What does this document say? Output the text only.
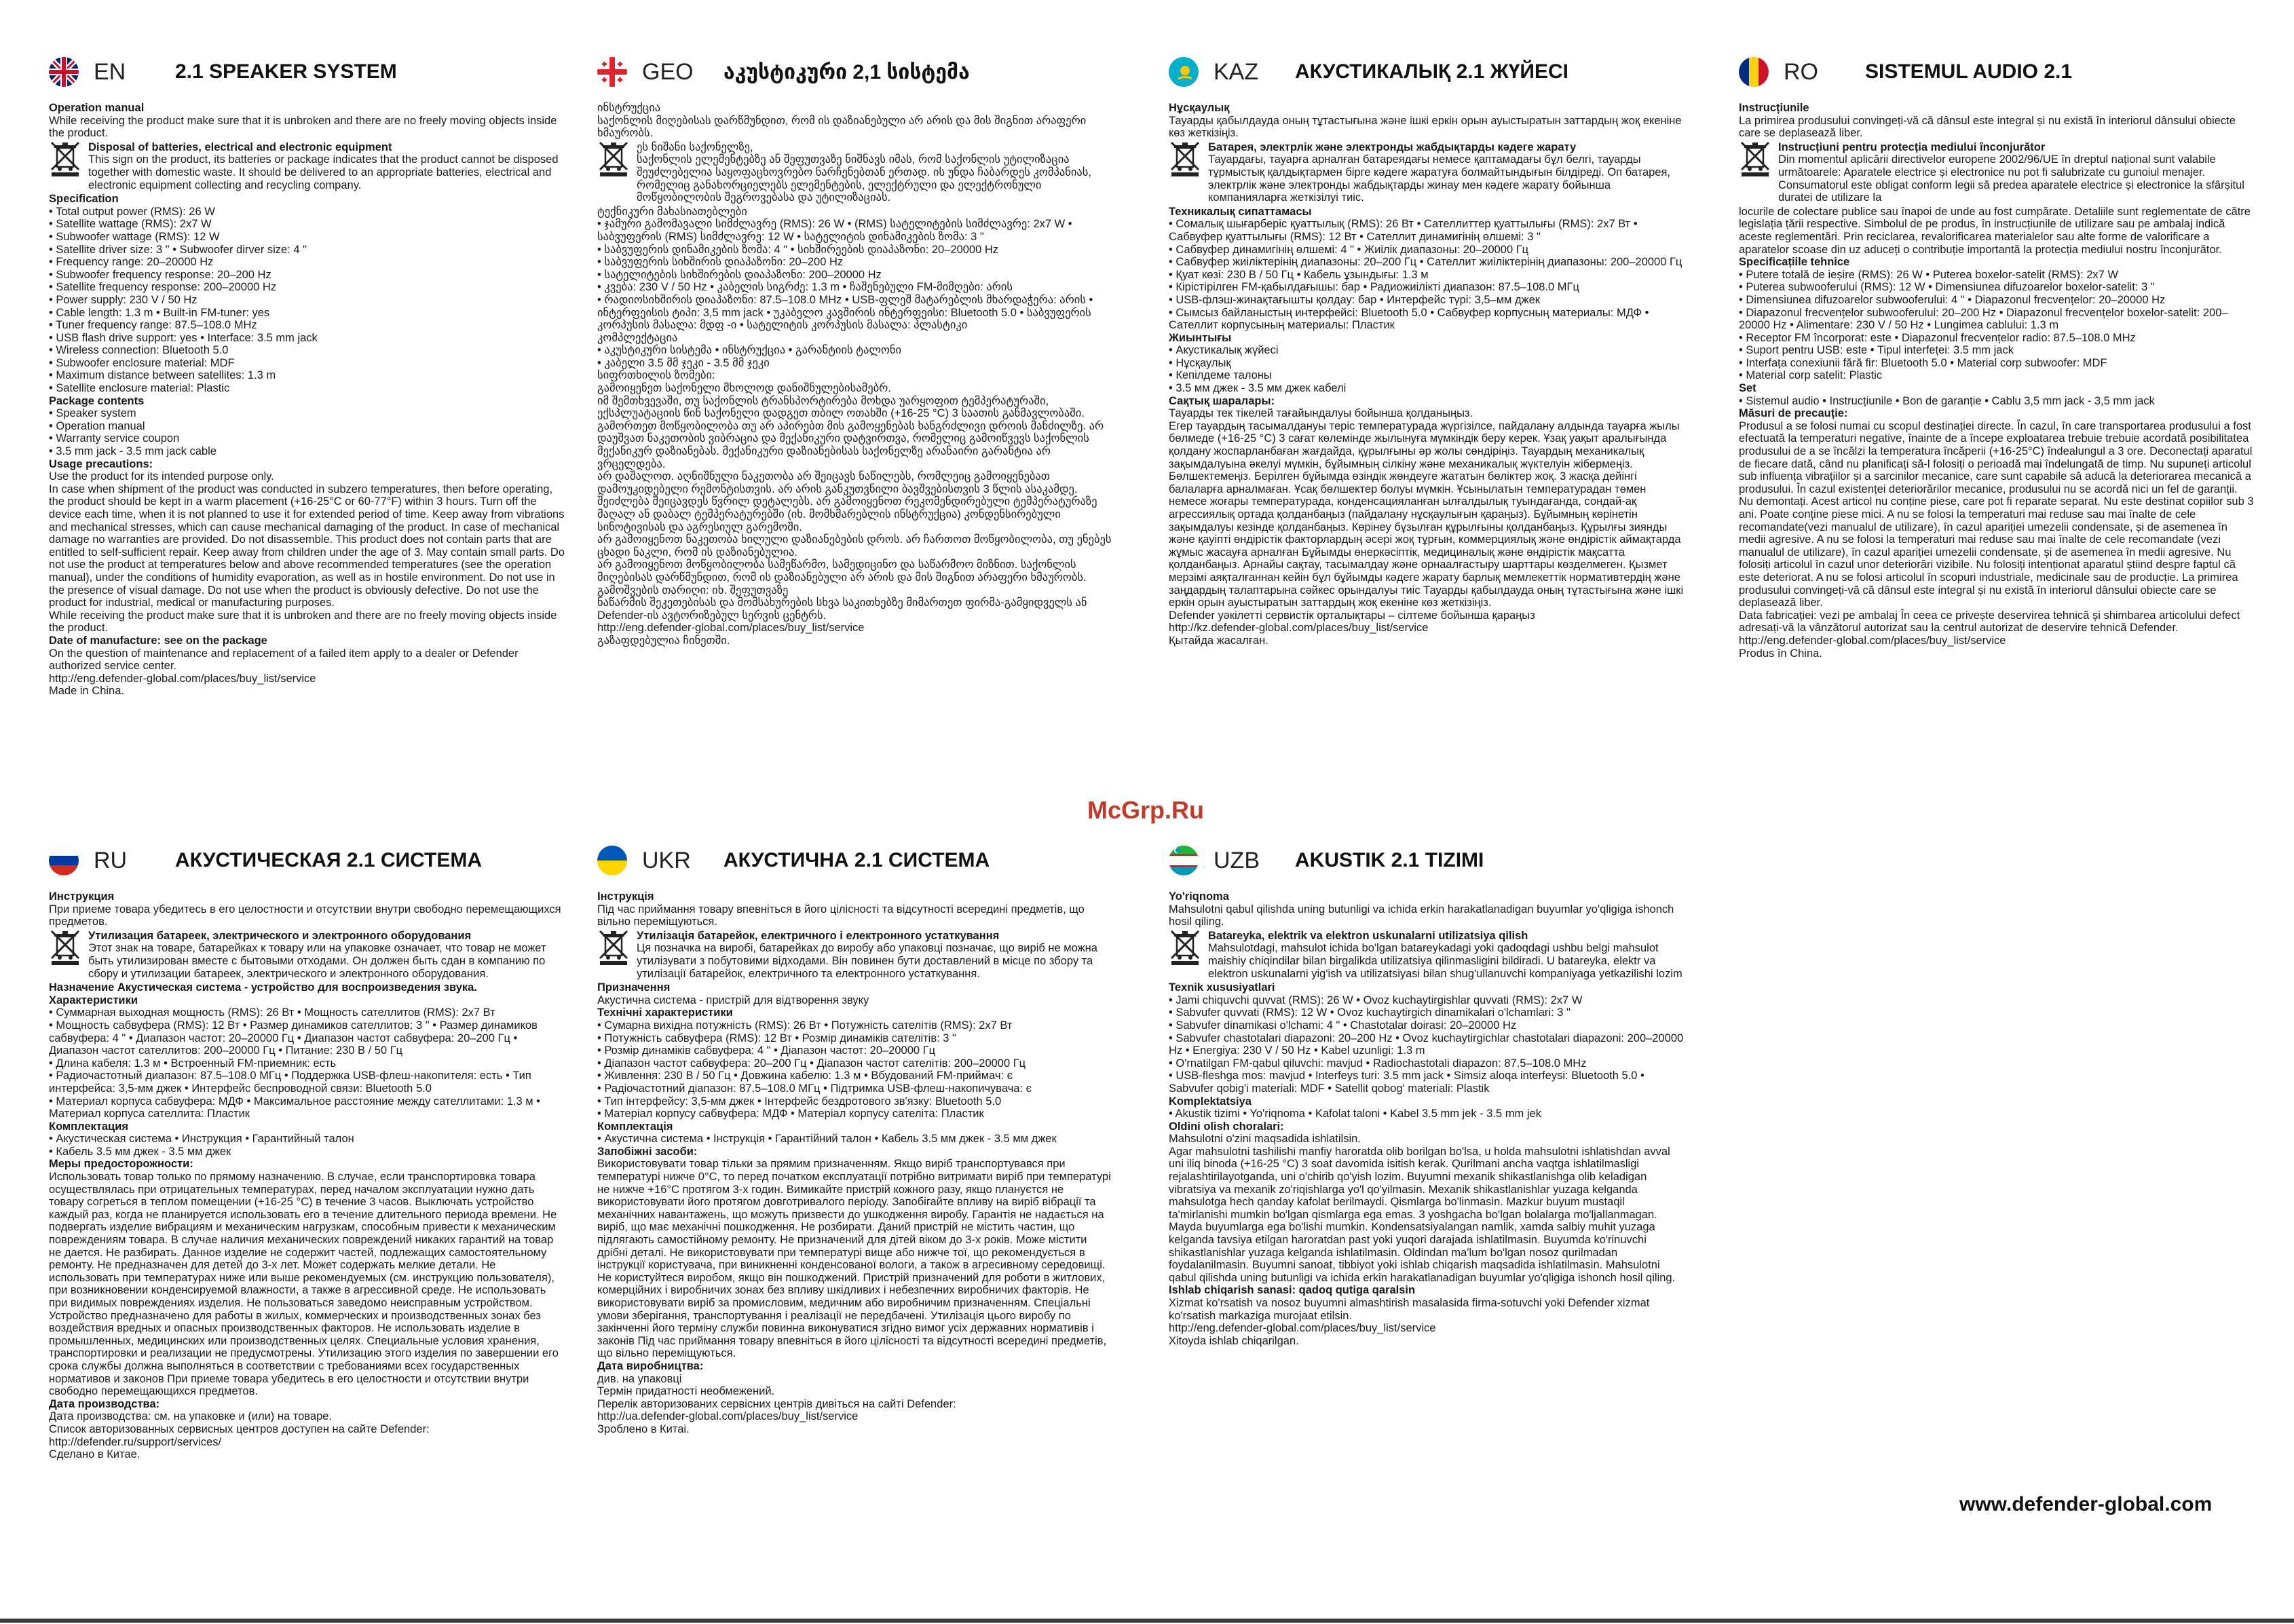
EN	2.1 SPEAKER SYSTEM

Operation manual

While receiving the product make sure that it is unbroken and there are no freely moving objects inside the product.

Disposal of batteries, electrical and electronic equipment

This sign on the product, its batteries or package indicates that the product cannot be disposed together with domestic waste. It should be delivered to an appropriate batteries, electrical and electronic equipment collecting and recycling company.

Specification

• Total output power (RMS): 26 W

• Satellite wattage (RMS): 2x7 W

• Subwoofer wattage (RMS): 12 W

• Satellite driver size: 3 " • Subwoofer dirver size: 4 "

• Frequency range: 20–20000 Hz

• Subwoofer frequency response: 20–200 Hz

• Satellite frequency response: 200–20000 Hz

• Power supply: 230 V / 50 Hz

• Cable length: 1.3 m • Built-in FM-tuner: yes

• Tuner frequency range: 87.5–108.0 MHz

• USB flash drive support: yes • Interface: 3.5 mm jack

• Wireless connection: Bluetooth 5.0

• Subwoofer enclosure material: MDF

• Maximum distance between satellites: 1.3 m

• Satellite enclosure material: Plastic

Package contents

• Speaker system

• Operation manual

• Warranty service coupon

• 3.5 mm jack - 3.5 mm jack cable

Usage precautions:

Use the product for its intended purpose only.

In case when shipment of the product was conducted in subzero temperatures, then before operating, the product should be kept in a warm placement (+16-25°C or 60-77°F) within 3 hours. Turn off the device each time, when it is not planned to use it for extended period of time. Keep away from vibrations and mechanical stresses, which can cause mechanical damaging of the product. In case of mechanical damage no warranties are provided. Do not disassemble. This product does not contain parts that are entitled to self-sufficient repair. Keep away from children under the age of 3. May contain small parts. Do not use the product at temperatures below and above recommended temperatures (see the operation manual), under the conditions of humidity evaporation, as well as in hostile environment. Do not use in the presence of visual damage. Do not use when the product is obviously defective. Do not use the product for industrial, medical or manufacturing purposes.

While receiving the product make sure that it is unbroken and there are no freely moving objects inside the product.

Date of manufacture: see on the package

On the question of maintenance and replacement of a failed item apply to a dealer or Defender authorized service center.

http://eng.defender-global.com/places/buy_list/service

Made in China.

GEO	აკუსტიკური 2,1 სისტემა

ინსტრუქცია

საქონლის მიღებისას დარწმუნდით, რომ ის დაზიანებული არ არის და მის შიგნით არაფერი ხმაურობს.

ეს ნიშანი საქონელზე,

საქონლის ელემენტებზე ან შეფუთვაზე ნიშნავს იმას, რომ საქონლის უტილიზაცია შეუძლებელია საყოფაცხოვრებო ნარჩენებთან ერთად. ის უნდა ჩაბარდეს კომპანიას, რომელიც განახორციელებს ელემენტების, ელექტრული და ელექტრონული მოწყობილობის შეგროვებასა და უტილიზაციას.

ტექნიკური მახასიათებლები

• ჯამური გამომავალი სიმძლავრე (RMS): 26 W • (RMS) სატელიტების სიმძლავრე: 2x7 W • საბვუფერის (RMS) სიმძლავრე: 12 W • სატელიტის დინამიკების ზომა: 3 "

• საბვუფერის დინამიკების ზომა: 4 " • სიხშირეების დიაპაზონი: 20–20000 Hz

• საბვუფერის სიხშირის დიაპაზონი: 20–200 Hz

• სატელიტების სიხშირების დიაპაზონი: 200–20000 Hz

• კვება: 230 V / 50 Hz • კაბელის სიგრძე: 1.3 m • ჩაშენებული FM-მიმღები: არის

• რადიოსიხშირის დიაპაზონი: 87.5–108.0 MHz • USB-ფლეშ მატარებლის მხარდაჭერა: არის • ინტერფეისის ტიპი: 3,5 mm jack • უკაბელო კავშირის ინტერფეისი: Bluetooth 5.0 • საბვუფერის კორპუსის მასალა: მდფ -ი • სატელიტის კორპუსის მასალა: პლასტიკი

კომპლექტაცია

• აკუსტიკური სისტემა • ინსტრუქცია • გარანტიის ტალონი

• კაბელი 3.5 მმ ჯეკი - 3.5 მმ ჯეკი

სიფრთხილის ზომები:

გამოიყენეთ საქონელი მხოლოდ დანიშნულებისამებრ.

იმ შემთხვევაში, თუ საქონლის ტრანსპორტირება მოხდა უარყოფით ტემპერატურაში, ექსპლუატაციის წინ საქონელი დადგეთ თბილ ოთახში (+16-25 °C) 3 საათის განმავლობაში.

გამორთეთ მოწყობილობა თუ არ აპირებთ მის გამოყენებას ხანგრძლივი დროის მანძილზე. არ დაუშვათ ნაკეთობის ვიბრაცია და მექანიკური დატვირთვა, რომელიც გამოიწვევს საქონლის მექანიკურ დაზიანებას. მექანიკური დაზიანებისას საქონელზე არანაირი გარანტია არ ვრცელდება.

არ დაშალოთ. აღნიშნული ნაკეთობა არ შეიცავს ნაწილებს, რომლეიც გამოიყენებათ დამოუკიდებელი რემონტისთვის. არ არის განკუთვნილი ბავშვებისთვის 3 წლის ასაკამდე. შეიძლება შეიცავდეს წვრილ დეტალებს. არ გამოიყენოთ რეკომენდირებული ტემპერატურაზე მაღალ ან დაბალ ტემპერატურებში (იხ. მომხმარებლის ინსტრუქცია) კონდენსირებული სინოტივისას და აგრესიულ გარემოში.

არ გამოიყენოთ ნაკეთობა ხილული დაზიანებების დროს. არ ჩართოთ მოწყობილობა, თუ ენებეს ცხადი ნაკლი, რომ ის დაზიანებულია.

არ გამოიყენოთ მოწყობილობა სამეწარმო, სამედიცინო და საწარმოო მიზნით. საქონლის მიღებისას დარწმუნდით, რომ ის დაზიანებული არ არის და მის შიგნით არაფერი ხმაურობს.

გამოშვების თარიღი: იხ. შეფუთვაზე

ნაწარმის შეკეთებისას და მომსახურების სხვა საკითხებზე მიმართეთ ფირმა-გამყიდველს ან Defender-ის ავტორიზებულ სერვის ცენტრს.

http://eng.defender-global.com/places/buy_list/service

გაზაფდებულია ჩინეთში.

KAZ	АКУСТИКАЛЫҚ 2.1 ЖҮЙЕСІ

Нұсқаулық

Тауарды қабылдауда оның тұтастығына және ішкі еркін орын ауыстыратын заттардың жоқ екеніне көз жеткізіңіз.

Батарея, электрлік және электронды жабдықтарды кәдеге жарату

Тауардағы, тауарға арналған батареядағы немесе қаптамадағы бұл белгі, тауарды тұрмыстық қалдықтармен бірге кәдеге жаратуға болмайтындығын білдіреді. Оп батарея, электрлік және электронды жабдықтарды жинау мен кәдеге жарату бойынша компанияларға жеткізілуі тиіс.

Техникалық сипаттамасы

• Сомалық шығарберіс қуаттылық (RMS): 26 Вт • Сателлиттер қуаттылығы (RMS): 2x7 Вт • Сабвуфер қуаттылығы (RMS): 12 Вт • Сателлит динамигінің өлшемі: 3 "

• Сабвуфер динамигінің өлшемі: 4 " • Жиілік диапазоны: 20–20000 Гц

• Сабвуфер жиіліктерінің диапазоны: 20–200 Гц • Сателлит жиіліктерінің диапазоны: 200–20000 Гц • Қуат көзі: 230 В / 50 Гц • Кабель ұзындығы: 1.3 м

• Кірістірілген FM-қабылдағышы: бар • Радиожиілікті диапазон: 87.5–108.0 МГц

• USB-флэш-жинақтағышты қолдау: бар • Интерфейс түрі: 3,5–мм джек

• Сымсыз байланыстың интерфейсі: Bluetooth 5.0 • Сабвуфер корпусның материалы: МДФ • Сателлит корпусының материалы: Пластик

Жиынтығы

• Акустикалық жүйесі

• Нұсқаулық

• Кепілдеме талоны

• 3.5 мм джек - 3.5 мм джек кабелі

Сақтық шаралары:

Тауарды тек тікелей тағайындалуы бойынша қолданыңыз.

Егер тауардың тасымалдануы теріс температурада жүргізілсе, пайдалану алдында тауарға жылы бөлмеде (+16-25 °C) 3 сағат көлемінде жылынуға мүмкіндік беру керек. Ұзақ уақыт аралығында қолдану жоспарланбаған жағдайда, құрылғыны әр жолы сөндіріңіз. Тауардың механикалық зақымдалуына әкелуі мүмкін, бұйымның сілкіну және механикалық жүктелуін жібермеңіз. Бөлшектемеңіз. Берілген бұйымда өзіндік жөндеуге жататын бөліктер жоқ. 3 жасқа дейінгі балаларға арналмаған. Ұсақ бөлшектер болуы мүмкін. Ұсынылатын температурадан төмен немесе жоғары температурада, конденсацияланған ылғалдылық туындағанда, сондай-ақ агрессиялық ортада қолданбаңыз (пайдалану нұсқаулығын қараңыз). Бұйымның көрінетін зақымдалуы кезінде қолданбаңыз. Көрінеу бұзылған құрылғыны қолданбаңыз. Құрылғы зиянды және қауіпті өндірістік факторлардың әсері жоқ тұрғын, коммерциялық және өндірістік аймақтарда жұмыс жасауға арналған Бұйымды өнеркәсіптік, медициналық және өндірістік мақсатта қолданбаңыз. Арнайы сақтау, тасымалдау және орнаалғастыру шарттары көзделмеген. Қызмет мерзімі аяқталғаннан кейін бұл бұйымды кәдеге жарату барлық мемлекеттік нормативтердің және заңдардың талаптарына сәйкес орындалуы тиіс Тауарды қабылдауда оның тұтастығына және ішкі еркін орын ауыстыратын заттардың жоқ екеніне көз жеткізіңіз.

Defender уәкілетті сервистік орталықтары – сілтеме бойынша қараңыз

http://kz.defender-global.com/places/buy_list/service

Қытайда жасалған.

RO	SISTEMUL AUDIO 2.1

Instrucțiunile

La primirea produsului convingeți-vă că dânsul este integral și nu există în interiorul dânsului obiecte care se deplasează liber.

Instrucțiuni pentru protecția mediului înconjurător

Din momentul aplicării directivelor europene 2002/96/UE în dreptul național sunt valabile următoarele: Aparatele electrice și electronice nu pot fi salubrizate cu gunoiul menajer. Consumatorul este obligat conform legii să predea aparatele electrice și electronice la sfârșitul duratei de utilizare la

locurile de colectare publice sau înapoi de unde au fost cumpărate. Detaliile sunt reglementate de către legislația țării respective. Simbolul de pe produs, în instrucțiunile de utilizare sau pe ambalaj indică aceste reglementări. Prin reciclarea, revalorificarea materialelor sau alte forme de valorificare a aparatelor scoase din uz aduceți o contribuție importantă la protecția mediului nostru înconjurător.

Specificațiile tehnice

• Putere totală de ieșire (RMS): 26 W • Puterea boxelor-satelit (RMS): 2x7 W

• Puterea subwooferului (RMS): 12 W • Dimensiunea difuzoarelor boxelor-satelit: 3 "

• Dimensiunea difuzoarelor subwooferului: 4 " • Diapazonul frecvențelor: 20–20000 Hz

• Diapazonul frecvențelor subwooferului: 20–200 Hz • Diapazonul frecvențelor boxelor-satelit: 200–20000 Hz • Alimentare: 230 V / 50 Hz • Lungimea cablului: 1.3 m

• Receptor FM încorporat: este • Diapazonul frecvențelor radio: 87.5–108.0 MHz

• Suport pentru USB: este • Tipul interfeței: 3.5 mm jack

• Interfața conexiunii fără fir: Bluetooth 5.0 • Material corp subwoofer: MDF

• Material corp satelit: Plastic

Set

• Sistemul audio • Instrucțiunile • Bon de garanție • Cablu 3,5 mm jack - 3,5 mm jack

Măsuri de precauție:

Produsul a se folosi numai cu scopul destinației directe. În cazul, în care transportarea produsului a fost efectuată la temperaturi negative, înainte de a începe exploatarea trebuie trebuie acordată posibilitatea produsului de a se încălzi la temperatura încăperii (+16-25°C) îndealungul a 3 ore. Deconectați aparatul de fiecare dată, când nu planificați să-l folosiți o perioadă mai îndelungată de timp. Nu supuneți articolul sub influența vibrațiilor și a sarcinilor mecanice, care sunt capabile să aducă la deteriorarea mecanică a produsului. În cazul existenței deteriorărilor mecanice, produsului nu se acordă nici un fel de garanții. Nu demontați. Acest articol nu conține piese, care pot fi reparate separat. Nu este destinat copiilor sub 3 ani. Poate conține piese mici. A nu se folosi la temperaturi mai reduse sau mai înalte de cele recomandate(vezi manualul de utilizare), în cazul apariției umezelii condensate, și de asemenea în medii agresive. A nu se folosi la temperaturi mai reduse sau mai înalte de cele recomandate (vezi manualul de utilizare), în cazul apariției umezelii condensate, și de asemenea în medii agresive. Nu folosiți articolul în cazul unor deteriorări vizibile. Nu folosiți intenționat aparatul știind despre faptul că este deteriorat. A nu se folosi articolul în scopuri industriale, medicinale sau de producție. La primirea produsului convingeți-vă că dânsul este integral și nu există în interiorul dânsului obiecte care se deplasează liber.

Data fabricației: vezi pe ambalaj În ceea ce privește deservirea tehnică și shimbarea articolului defect adresați-vă la vânzătorul autorizat sau la centrul autorizat de deservire tehnică Defender.

http://eng.defender-global.com/places/buy_list/service

Produs în China.

RU	АКУСТИЧЕСКАЯ 2.1 СИСТЕМА

Инструкция

При приеме товара убедитесь в его целостности и отсутствии внутри свободно перемещающихся предметов.

Утилизация батареек, электрического и электронного оборудования

Этот знак на товаре, батарейках к товару или на упаковке означает, что товар не может быть утилизирован вместе с бытовыми отходами. Он должен быть сдан в компанию по сбору и утилизации батареек, электрического и электронного оборудования.

Назначение Акустическая система - устройство для воспроизведения звука.

Характеристики

• Суммарная выходная мощность (RMS): 26 Вт • Мощность сателлитов (RMS): 2x7 Вт

• Мощность сабвуфера (RMS): 12 Вт • Размер динамиков сателлитов: 3 " • Размер динамиков сабвуфера: 4 " • Диапазон частот: 20–20000 Гц • Диапазон частот сабвуфера: 20–200 Гц • Диапазон частот сателлитов: 200–20000 Гц • Питание: 230 В / 50 Гц

• Длина кабеля: 1.3 м • Встроенный FM-приемник: есть

• Радиочастотный диапазон: 87.5–108.0 МГц • Поддержка USB-флеш-накопителя: есть • Тип интерфейса: 3,5-мм джек • Интерфейс беспроводной связи: Bluetooth 5.0

• Материал корпуса сабвуфера: МДФ • Максимальное расстояние между сателлитами: 1.3 м • Материал корпуса сателлита: Пластик

Комплектация

• Акустическая система • Инструкция • Гарантийный талон

• Кабель 3.5 мм джек - 3.5 мм джек

Меры предосторожности:

Использовать товар только по прямому назначению. В случае, если транспортировка товара осуществлялась при отрицательных температурах, перед началом эксплуатации нужно дать товару согреться в теплом помещении (+16-25 °C) в течение 3 часов. Выключать устройство каждый раз, когда не планируется использовать его в течение длительного периода времени. Не подвергать изделие вибрациям и механическим нагрузкам, способным привести к механическим повреждениям товара. В случае наличия механических повреждений никаких гарантий на товар не дается. Не разбирать. Данное изделие не содержит частей, подлежащих самостоятельному ремонту. Не предназначен для детей до 3-х лет. Может содержать мелкие детали. Не использовать при температурах ниже или выше рекомендуемых (см. инструкцию пользователя), при возникновении конденсируемой влажности, а также в агрессивной среде. Не использовать при видимых повреждениях изделия. Не пользоваться заведомо неисправным устройством. Устройство предназначено для работы в жилых, коммерческих и производственных зонах без воздействия вредных и опасных производственных факторов. Не использовать изделие в промышленных, медицинских или производственных целях. Специальные условия хранения, транспортировки и реализации не предусмотрены. Утилизацию этого изделия по завершении его срока службы должна выполняться в соответствии с требованиями всех государственных нормативов и законов При приеме товара убедитесь в его целостности и отсутствии внутри свободно перемещающихся предметов.

Дата производства:

Дата производства: см. на упаковке и (или) на товаре.

Список авторизованных сервисных центров доступен на сайте Defender:

http://defender.ru/support/services/

Сделано в Китае.

UKR	АКУСТИЧНА 2.1 СИСТЕМА

Інструкція

Під час приймання товару впевніться в його цілісності та відсутності всередині предметів, що вільно переміщуються.

Утилізація батарейок, електричного і електронного устаткування

Ця позначка на виробі, батарейках до виробу або упаковці позначає, що виріб не можна утилізувати з побутовими відходами. Він повинен бути доставлений в місце по збору та утилізації батарейок, електричного та електронного устаткування.

Призначення

Акустична система - пристрій для відтворення звуку

Технічні характеристики

• Сумарна вихідна потужність (RMS): 26 Вт • Потужність сателітів (RMS): 2x7 Вт

• Потужність сабвуфера (RMS): 12 Вт • Розмір динаміків сателітів: 3 "

• Розмір динаміків сабвуфера: 4 " • Діапазон частот: 20–20000 Гц

• Діапазон частот сабвуфера: 20–200 Гц • Діапазон частот сателітів: 200–20000 Гц

• Живлення: 230 В / 50 Гц • Довжина кабелю: 1.3 м • Вбудований FM-приймач: є

• Радіочастотний діапазон: 87.5–108.0 МГц • Підтримка USB-флеш-накопичувача: є

• Тип інтерфейсу: 3,5-мм джек • Інтерфейс бездротового зв'язку: Bluetooth 5.0

• Матеріал корпусу сабвуфера: МДФ • Матеріал корпусу сателіта: Пластик

Комплектація

• Акустична система • Інструкція • Гарантійний талон • Кабель 3.5 мм джек - 3.5 мм джек

Запобіжні засоби:

Використовувати товар тільки за прямим призначенням. Якщо виріб транспортувався при температурі нижче 0°С, то перед початком експлуатації потрібно витримати виріб при температурі не нижче +16°С протягом 3-х годин. Вимикайте пристрій кожного разу, якщо плануєтся не використовувати його протягом довготривалого періоду. Запобігайте впливу на виріб вібрації та механічних навантажень, що можуть призвести до ушкодження виробу. Гарантія не надається на виріб, що має механічні пошкодження. Не розбирати. Даний пристрій не містить частин, що підлягають самостійному ремонту. Не призначений для дітей віком до 3-х років. Може містити дрібні деталі. Не використовувати при температурі вище або нижче тої, що рекомендується в інструкції користувача, при виникненні конденсованої вологи, а також в агресивному середовищі. Не користуйтеся виробом, якщо він пошкоджений. Пристрій призначений для роботи в житлових, комерційних і виробничих зонах без впливу шкідливих і небезпечних виробничих факторів. Не використовувати виріб за промисловим, медичним або виробничим призначенням. Спеціальні умови зберігання, транспортування і реалізації не передбачені. Утилізація цього виробу по закінченні його терміну служби повинна виконуватися згідно вимог усіх державних нормативів і законів Під час приймання товару впевніться в його цілісності та відсутності всередині предметів, що вільно переміщуються.

Дата виробництва:

див. на упаковці

Термін придатності необмежений.

Перелік авторизованих сервісних центрів дивіться на сайті Defender:

http://ua.defender-global.com/places/buy_list/service

Зроблено в Китаі.

UZB	AKUSTIK 2.1 TIZIMI

Yo'riqnoma

Mahsulotni qabul qilishda uning butunligi va ichida erkin harakatlanadigan buyumlar yo'qligiga ishonch hosil qiling.

Batareyka, elektrik va elektron uskunalarni utilizatsiya qilish

Mahsulotdagi, mahsulot ichida bo'lgan batareykadagi yoki qadoqdagi ushbu belgi mahsulot maishiy chiqindilar bilan birgalikda utilizatsiya qilinmasligini bildiradi. U batareyka, elektr va elektron uskunalarni yig'ish va utilizatsiyasi bilan shug'ullanuvchi kompaniyaga yetkazilishi lozim

Texnik xususiyatlari

• Jami chiquvchi quvvat (RMS): 26 W • Ovoz kuchaytirgishlar quvvati (RMS): 2x7 W

• Sabvufer quvvati (RMS): 12 W • Ovoz kuchaytirgich dinamikalari o'lchamlari: 3 "

• Sabvufer dinamikasi o'lchami: 4 " • Chastotalar doirasi: 20–20000 Hz

• Sabvufer chastotalari diapazoni: 20–200 Hz • Ovoz kuchaytirgichlar chastotalari diapazoni: 200–20000 Hz • Energiya: 230 V / 50 Hz • Kabel uzunligi: 1.3 m

• O'rnatilgan FM-qabul qiluvchi: mavjud • Radiochastotali diapazon: 87.5–108.0 MHz

• USB-fleshga mos: mavjud • Interfeys turi: 3.5 mm jack • Simsiz aloqa interfeysi: Bluetooth 5.0 • Sabvufer qobig'i materiali: MDF • Satellit qobog' materiali: Plastik

Komplektatsiya

• Akustik tizimi • Yo'riqnoma • Kafolat taloni • Kabel 3.5 mm jek - 3.5 mm jek

Oldini olish choralari:

Mahsulotni o'zini maqsadida ishlatilsin.

Agar mahsulotni tashilishi manfiy haroratda olib borilgan bo'lsa, u holda mahsulotni ishlatishdan avval uni iliq binoda (+16-25 °C) 3 soat davomida isitish kerak. Qurilmani ancha vaqtga ishlatilmasligi rejalashtirilayotganda, uni o'chirib qo'yish lozim. Buyumni mexanik shikastlanishga olib keladigan vibratsiya va mexanik zo'riqishlarga yo'l qo'yilmasin. Mexanik shikastlanishlar yuzaga kelganda mahsulotga hech qanday kafolat berilmaydi. Qismlarga bo'linmasin. Mazkur buyum mustaqil ta'mirlanishi mumkin bo'lgan qismlarga ega emas. 3 yoshgacha bo'lgan bolalarga mo'ljallanmagan. Mayda buyumlarga ega bo'lishi mumkin. Kondensatsiyalangan namlik, xamda salbiy muhit yuzaga kelganda tavsiya etilgan haroratdan past yoki yuqori darajada ishlatilmasin. Buyumda ko'rinuvchi shikastlanishlar yuzaga kelganda ishlatilmasin. Oldindan ma'lum bo'lgan nosoz qurilmadan foydalanilmasin. Buyumni sanoat, tibbiyot yoki ishlab chiqarish maqsadida ishlatilmasin. Mahsulotni qabul qilishda uning butunligi va ichida erkin harakatlanadigan buyumlar yo'qligiga ishonch hosil qiling.

Ishlab chiqarish sanasi: qadoq qutiga qaralsin

Xizmat ko'rsatish va nosoz buyumni almashtirish masalasida firma-sotuvchi yoki Defender xizmat ko'rsatish markaziga murojaat etilsin.

http://eng.defender-global.com/places/buy_list/service

Xitoyda ishlab chiqarilgan.

McGrp.Ru
www.defender-global.com
